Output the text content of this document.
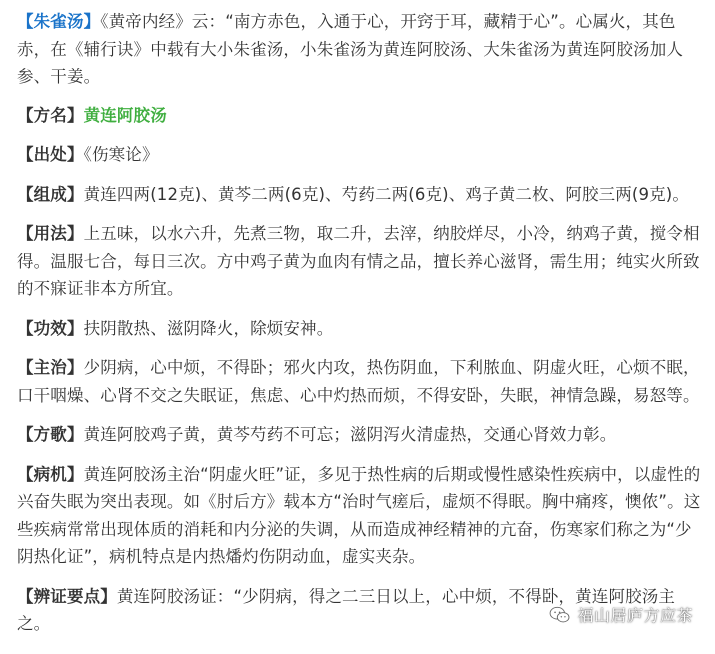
【朱雀汤】《黄帝内经》云：“南方赤色，入通于心，开窍于耳，藏精于心”。心属火，其色赤，在《辅行诀》中载有大小朱雀汤，小朱雀汤为黄连阿胶汤、大朱雀汤为黄连阿胶汤加人参、干姜。

【方名】黄连阿胶汤

【出处】《伤寒论》

【组成】黄连四两(12克)、黄芩二两(6克)、芍药二两(6克)、鸡子黄二枚、阿胶三两(9克)。

【用法】上五味，以水六升，先煮三物，取二升，去滓，纳胶烊尽，小冷，纳鸡子黄，搅令相得。温服七合，每日三次。方中鸡子黄为血肉有情之品，擅长养心滋肾，需生用；纯实火所致的不寐证非本方所宜。

【功效】扶阴散热、滋阴降火，除烦安神。

【主治】少阴病，心中烦，不得卧；邪火内攻，热伤阴血，下利脓血、阴虚火旺，心烦不眠，口干咽燥、心肾不交之失眠证，焦虑、心中灼热而烦，不得安卧，失眠，神情急躁，易怒等。

【方歌】黄连阿胶鸡子黄，黄芩芍药不可忘；滋阴泻火清虚热，交通心肾效力彰。

【病机】黄连阿胶汤主治“阴虚火旺”证，多见于热性病的后期或慢性感染性疾病中，以虚性的兴奋失眠为突出表现。如《肘后方》载本方“治时气瘥后，虚烦不得眠。胸中痛疼，懊侬”。这些疾病常常出现体质的消耗和内分泌的失调，从而造成神经精神的亢奋，伤寒家们称之为“少阴热化证”，病机特点是内热燔灼伤阴动血，虚实夹杂。

【辨证要点】黄连阿胶汤证：“少阴病，得之二三日以上，心中烦，不得卧，黄连阿胶汤主之。	福山居庐方应茶
